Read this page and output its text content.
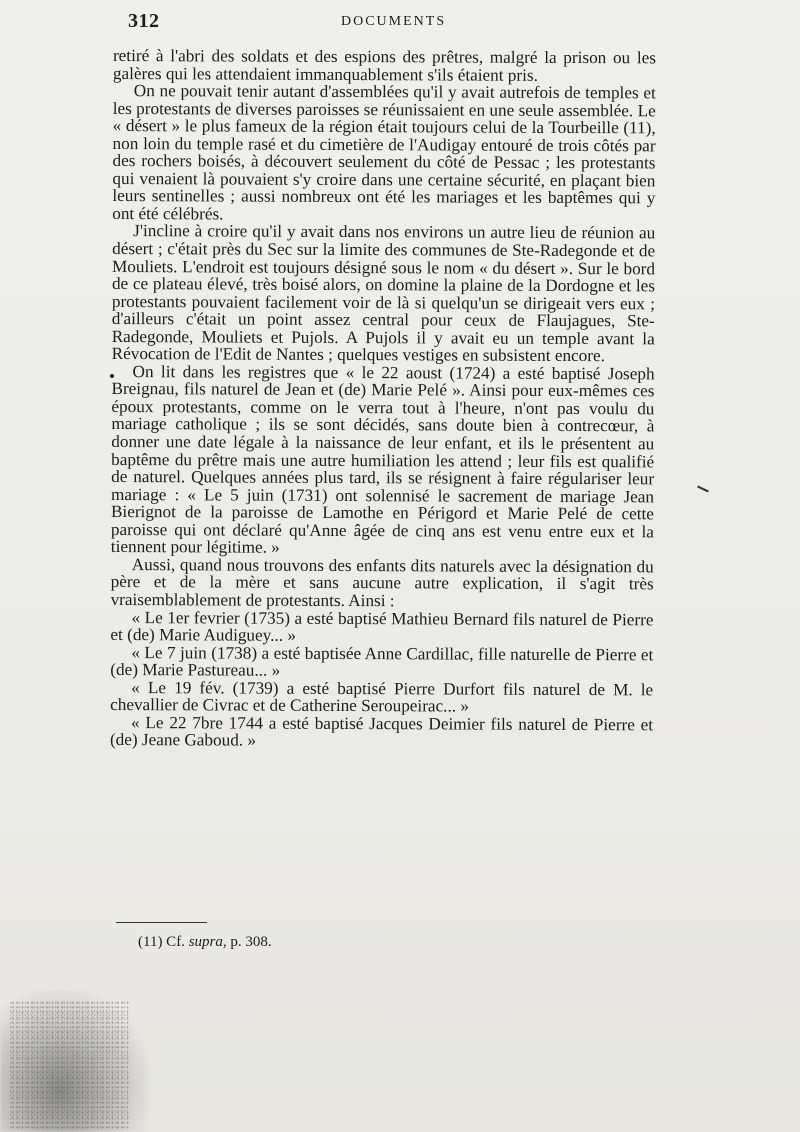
312	DOCUMENTS

retiré à l'abri des soldats et des espions des prêtres, malgré la prison ou les galères qui les attendaient immanquablement s'ils étaient pris.

On ne pouvait tenir autant d'assemblées qu'il y avait autrefois de temples et les protestants de diverses paroisses se réunissaient en une seule assemblée. Le « désert » le plus fameux de la région était toujours celui de la Tourbeille (11), non loin du temple rasé et du cimetière de l'Audigay entouré de trois côtés par des rochers boisés, à découvert seulement du côté de Pessac ; les protestants qui venaient là pouvaient s'y croire dans une certaine sécurité, en plaçant bien leurs sentinelles ; aussi nombreux ont été les mariages et les baptêmes qui y ont été célébrés.

J'incline à croire qu'il y avait dans nos environs un autre lieu de réunion au désert ; c'était près du Sec sur la limite des communes de Ste-Radegonde et de Mouliets. L'endroit est toujours désigné sous le nom « du désert ». Sur le bord de ce plateau élevé, très boisé alors, on domine la plaine de la Dordogne et les protestants pouvaient facilement voir de là si quelqu'un se dirigeait vers eux ; d'ailleurs c'était un point assez central pour ceux de Flaujagues, Ste-Radegonde, Mouliets et Pujols. A Pujols il y avait eu un temple avant la Révocation de l'Edit de Nantes ; quelques vestiges en subsistent encore.

On lit dans les registres que « le 22 aoust (1724) a esté baptisé Joseph Breignau, fils naturel de Jean et (de) Marie Pelé ». Ainsi pour eux-mêmes ces époux protestants, comme on le verra tout à l'heure, n'ont pas voulu du mariage catholique ; ils se sont décidés, sans doute bien à contrecœur, à donner une date légale à la naissance de leur enfant, et ils le présentent au baptême du prêtre mais une autre humiliation les attend ; leur fils est qualifié de naturel. Quelques années plus tard, ils se résignent à faire régulariser leur mariage : « Le 5 juin (1731) ont solennisé le sacrement de mariage Jean Bierignot de la paroisse de Lamothe en Périgord et Marie Pelé de cette paroisse qui ont déclaré qu'Anne âgée de cinq ans est venu entre eux et la tiennent pour légitime. »

Aussi, quand nous trouvons des enfants dits naturels avec la désignation du père et de la mère et sans aucune autre explication, il s'agit très vraisemblablement de protestants. Ainsi :

« Le 1er fevrier (1735) a esté baptisé Mathieu Bernard fils naturel de Pierre et (de) Marie Audiguey... »

« Le 7 juin (1738) a esté baptisée Anne Cardillac, fille naturelle de Pierre et (de) Marie Pastureau... »

« Le 19 fév. (1739) a esté baptisé Pierre Durfort fils naturel de M. le chevallier de Civrac et de Catherine Seroupeirac... »

« Le 22 7bre 1744 a esté baptisé Jacques Deimier fils naturel de Pierre et (de) Jeane Gaboud. »

(11) Cf. supra, p. 308.
